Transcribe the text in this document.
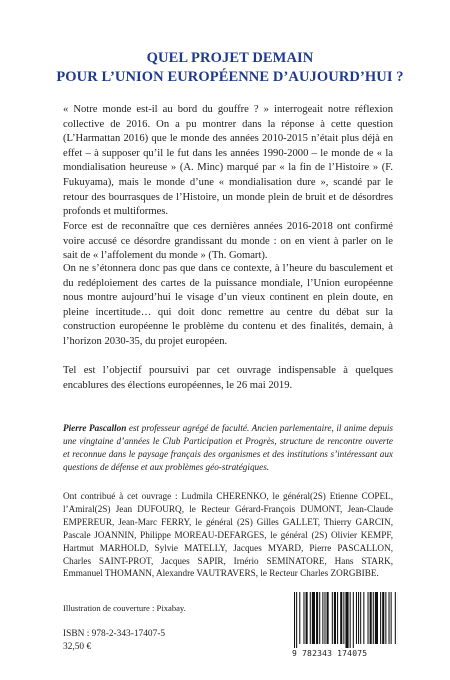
QUEL PROJET DEMAIN
POUR L’UNION EUROPÉENNE D’AUJOURD’HUI ?

« Notre monde est-il au bord du gouffre ? » interrogeait notre réflexion collective de 2016. On a pu montrer dans la réponse à cette question (L’Harmattan 2016) que le monde des années 2010-2015 n’était plus déjà en effet – à supposer qu’il le fut dans les années 1990-2000 – le monde de « la mondialisation heureuse » (A. Minc) marqué par « la fin de l’Histoire » (F. Fukuyama), mais le monde d’une « mondialisation dure », scandé par le retour des bourrasques de l’Histoire, un monde plein de bruit et de désordres profonds et multiformes.

Force est de reconnaître que ces dernières années 2016-2018 ont confirmé voire accusé ce désordre grandissant du monde : on en vient à parler on le sait de « l’affolement du monde » (Th. Gomart).

On ne s’étonnera donc pas que dans ce contexte, à l’heure du basculement et du redéploiement des cartes de la puissance mondiale, l’Union européenne nous montre aujourd’hui le visage d’un vieux continent en plein doute, en pleine incertitude… qui doit donc remettre au centre du débat sur la construction européenne le problème du contenu et des finalités, demain, à l’horizon 2030-35, du projet européen.

Tel est l’objectif poursuivi par cet ouvrage indispensable à quelques encablures des élections européennes, le 26 mai 2019.

Pierre Pascallon est professeur agrégé de faculté. Ancien parlementaire, il anime depuis une vingtaine d’années le Club Participation et Progrès, structure de rencontre ouverte et reconnue dans le paysage français des organismes et des institutions s’intéressant aux questions de défense et aux problèmes géo-stratégiques.

Ont contribué à cet ouvrage : Ludmila CHERENKO, le général(2S) Etienne COPEL, l’Amiral(2S) Jean DUFOURQ, le Recteur Gérard-François DUMONT, Jean-Claude EMPEREUR, Jean-Marc FERRY, le général (2S) Gilles GALLET, Thierry GARCIN, Pascale JOANNIN, Philippe MOREAU-DEFARGES, le général (2S) Olivier KEMPF, Hartmut MARHOLD, Sylvie MATELLY, Jacques MYARD, Pierre PASCALLON, Charles SAINT-PROT, Jacques SAPIR, Irnério SEMINATORE, Hans STARK, Emmanuel THOMANN, Alexandre VAUTRAVERS, le Recteur Charles ZORGBIBE.

Illustration de couverture : Pixabay.
ISBN : 978-2-343-17407-5
32,50 €
9 782343 174075
